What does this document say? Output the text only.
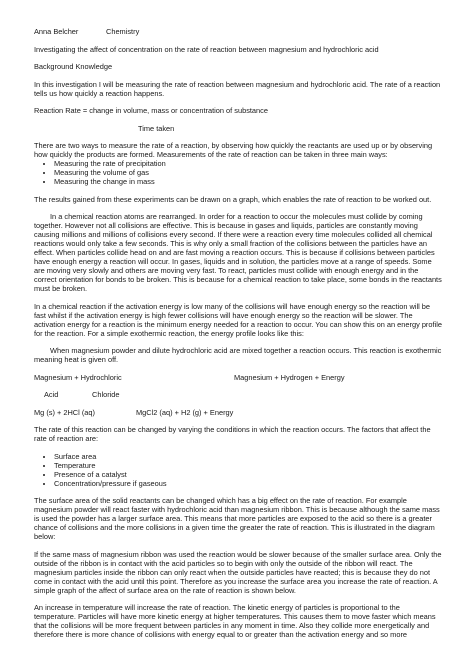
Anna Belcher	Chemistry

Investigating the affect of concentration on the rate of reaction between magnesium and hydrochloric acid

Background Knowledge

In this investigation I will be measuring the rate of reaction between magnesium and hydrochloric acid. The rate of a reaction tells us how quickly a reaction happens.

Reaction Rate = change in volume, mass or concentration of substance

Time taken

There are two ways to measure the rate of a reaction, by observing how quickly the reactants are used up or by observing how quickly the products are formed. Measurements of the rate of reaction can be taken in three main ways:

• Measuring the rate of precipitation
• Measuring the volume of gas
• Measuring the change in mass

The results gained from these experiments can be drawn on a graph, which enables the rate of reaction to be worked out.

In a chemical reaction atoms are rearranged. In order for a reaction to occur the molecules must collide by coming together. However not all collisions are effective. This is because in gases and liquids, particles are constantly moving causing millions and millions of collisions every second. If there were a reaction every time molecules collided all chemical reactions would only take a few seconds. This is why only a small fraction of the collisions between the particles have an effect. When particles collide head on and are fast moving a reaction occurs. This is because if collisions between particles have enough energy a reaction will occur. In gases, liquids and in solution, the particles move at a range of speeds. Some are moving very slowly and others are moving very fast. To react, particles must collide with enough energy and in the correct orientation for bonds to be broken. This is because for a chemical reaction to take place, some bonds in the reactants must be broken.

In a chemical reaction if the activation energy is low many of the collisions will have enough energy so the reaction will be fast whilst if the activation energy is high fewer collisions will have enough energy so the reaction will be slower. The activation energy for a reaction is the minimum energy needed for a reaction to occur. You can show this on an energy profile for the reaction. For a simple exothermic reaction, the energy profile looks like this:

When magnesium powder and dilute hydrochloric acid are mixed together a reaction occurs. This reaction is exothermic meaning heat is given off.

Magnesium + Hydrochloric	Magnesium + Hydrogen + Energy
Acid	Chloride
Mg (s) + 2HCl (aq)	MgCl2 (aq) + H2 (g) + Energy

The rate of this reaction can be changed by varying the conditions in which the reaction occurs. The factors that affect the rate of reaction are:

• Surface area
• Temperature
• Presence of a catalyst
• Concentration/pressure if gaseous

The surface area of the solid reactants can be changed which has a big effect on the rate of reaction. For example magnesium powder will react faster with hydrochloric acid than magnesium ribbon. This is because although the same mass is used the powder has a larger surface area. This means that more particles are exposed to the acid so there is a greater chance of collisions and the more collisions in a given time the greater the rate of reaction. This is illustrated in the diagram below:

If the same mass of magnesium ribbon was used the reaction would be slower because of the smaller surface area. Only the outside of the ribbon is in contact with the acid particles so to begin with only the outside of the ribbon will react. The magnesium particles inside the ribbon can only react when the outside particles have reacted; this is because they do not come in contact with the acid until this point. Therefore as you increase the surface area you increase the rate of reaction. A simple graph of the affect of surface area on the rate of reaction is shown below.

An increase in temperature will increase the rate of reaction. The kinetic energy of particles is proportional to the temperature. Particles will have more kinetic energy at higher temperatures. This causes them to move faster which means that the collisions will be more frequent between particles in any moment in time. Also they collide more energetically and therefore there is more chance of collisions with energy equal to or greater than the activation energy and so more
